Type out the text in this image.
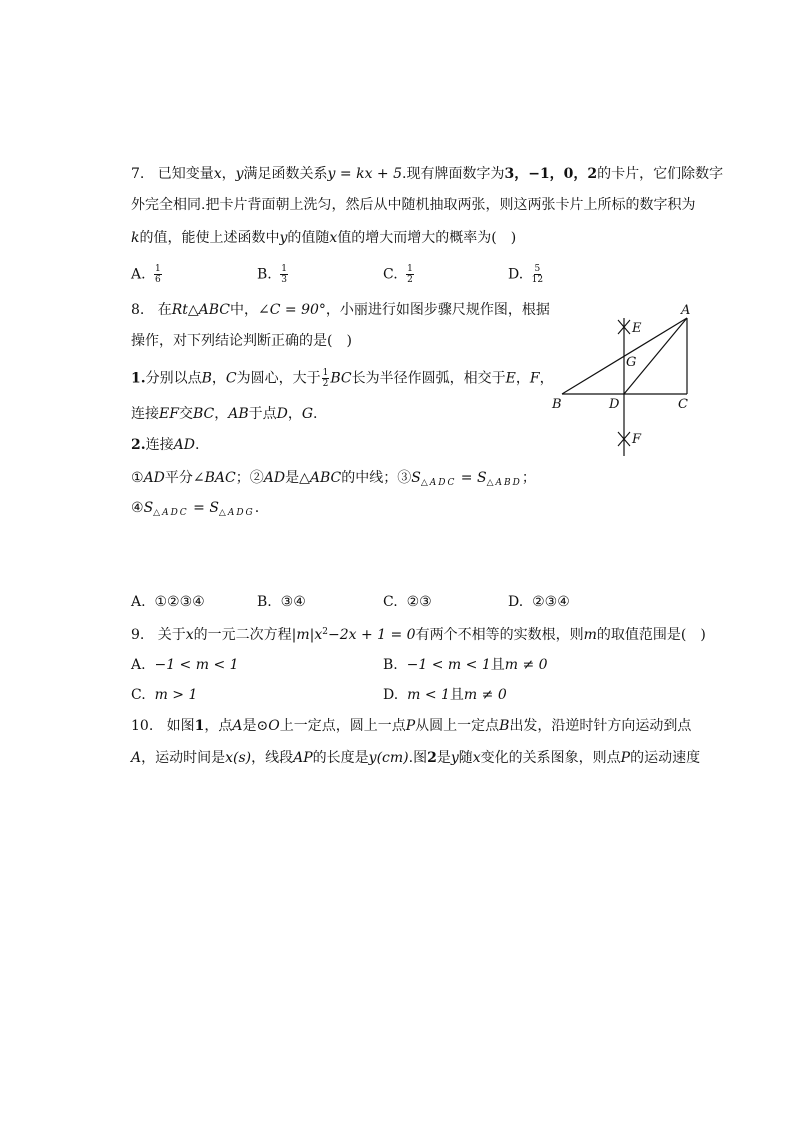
7. 已知变量x，y满足函数关系y = kx + 5.现有牌面数字为3，−1，0，2的卡片，它们除数字
外完全相同.把卡片背面朝上洗匀，然后从中随机抽取两张，则这两张卡片上所标的数字积为
k的值，能使上述函数中y的值随x值的增大而增大的概率为(　)
A. $\frac{1}{6}$	B. $\frac{1}{3}$	C. $\frac{1}{2}$	D. $\frac{5}{12}$
8. 在Rt△ABC中，∠C = 90°，小丽进行如图步骤尺规作图，根据
操作，对下列结论判断正确的是(　)
1.分别以点B，C为圆心，大于 $\frac{1}{2}$ BC长为半径作圆弧，相交于E，F，
连接EF交BC，AB于点D，G.
2.连接AD.
①AD平分∠BAC；②AD是△ABC的中线；$③S_{\triangle ADC} = S_{\triangle ABD}$；
$④S_{\triangle ADC} = S_{\triangle ADG}$.
A
B	C
D
E
F
G
A. ①②③④	B. ③④	C. ②③	D. ②③④
9. 关于x的一元二次方程$|m|x^2-2x + 1 = 0$有两个不相等的实数根，则m的取值范围是(　)
A. −1 < m < 1	B. −1 < m < 1且m ≠ 0
C. m > 1	D. m < 1且m ≠ 0
10. 如图1，点A是⊙O上一定点，圆上一点P从圆上一定点B出发，沿逆时针方向运动到点
A，运动时间是x(s)，线段AP的长度是y(cm).图2是y随x变化的关系图象，则点P的运动速度
